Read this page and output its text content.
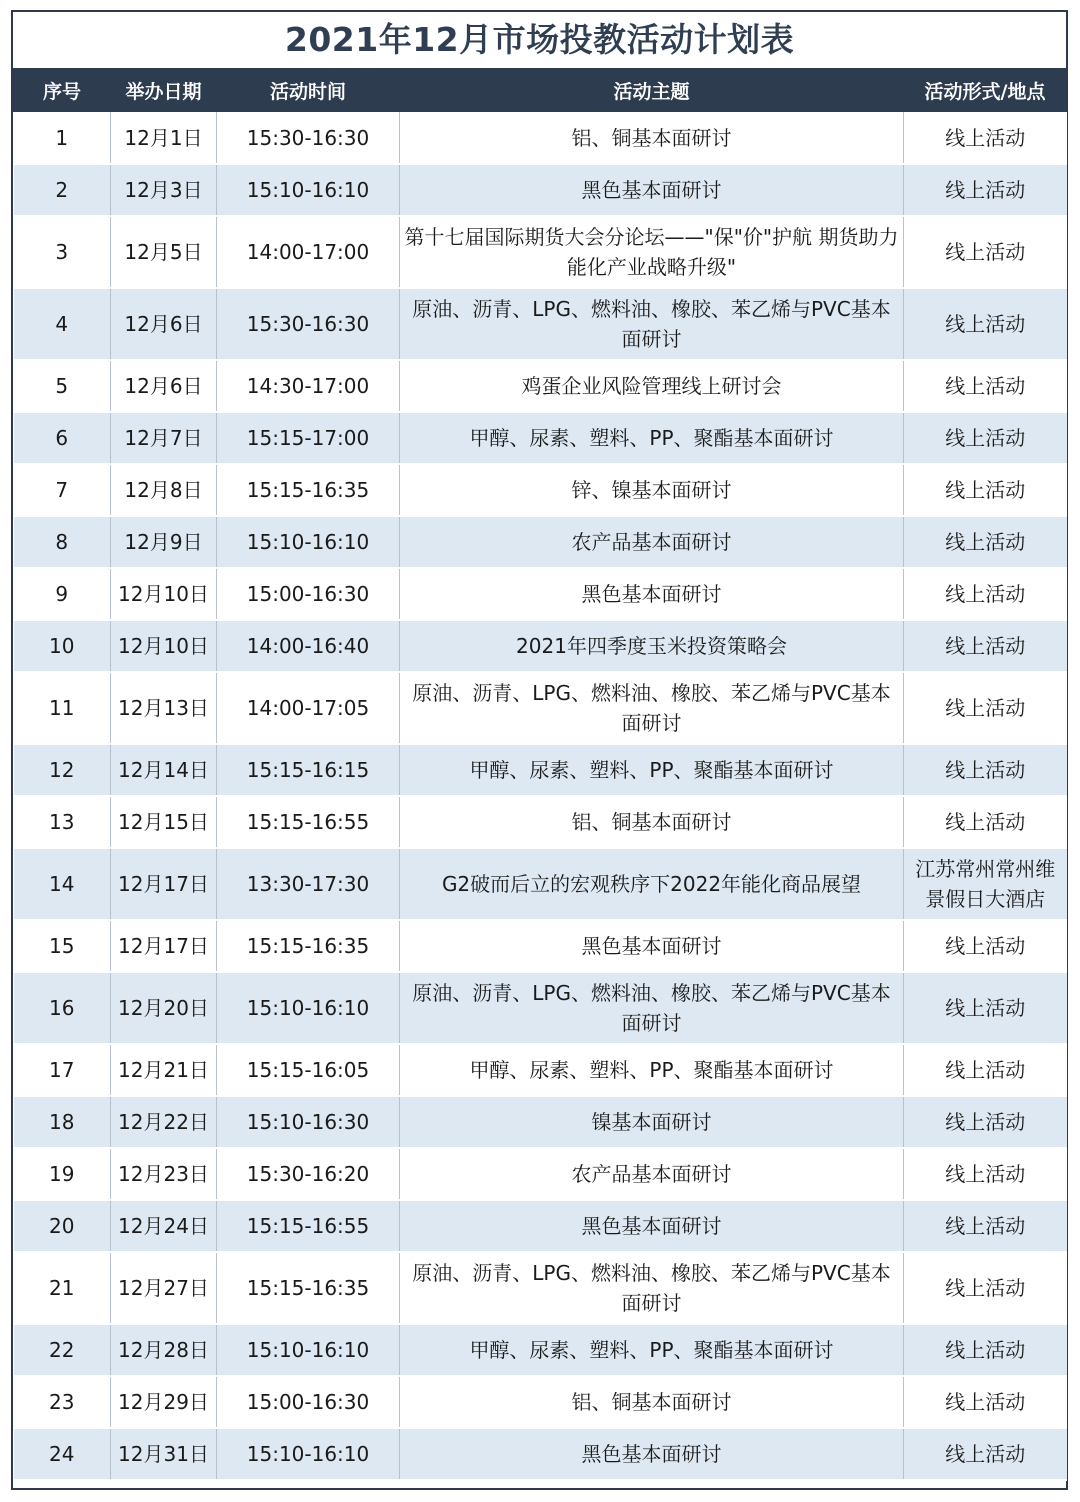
2021年12月市场投教活动计划表
序号	举办日期	活动时间	活动主题	活动形式/地点
1	12月1日	15:30-16:30	铝、铜基本面研讨	线上活动
2	12月3日	15:10-16:10	黑色基本面研讨	线上活动
3	12月5日	14:00-17:00	第十七届国际期货大会分论坛——"保"价"护航 期货助力能化产业战略升级"	线上活动
4	12月6日	15:30-16:30	原油、沥青、LPG、燃料油、橡胶、苯乙烯与PVC基本面研讨	线上活动
5	12月6日	14:30-17:00	鸡蛋企业风险管理线上研讨会	线上活动
6	12月7日	15:15-17:00	甲醇、尿素、塑料、PP、聚酯基本面研讨	线上活动
7	12月8日	15:15-16:35	锌、镍基本面研讨	线上活动
8	12月9日	15:10-16:10	农产品基本面研讨	线上活动
9	12月10日	15:00-16:30	黑色基本面研讨	线上活动
10	12月10日	14:00-16:40	2021年四季度玉米投资策略会	线上活动
11	12月13日	14:00-17:05	原油、沥青、LPG、燃料油、橡胶、苯乙烯与PVC基本面研讨	线上活动
12	12月14日	15:15-16:15	甲醇、尿素、塑料、PP、聚酯基本面研讨	线上活动
13	12月15日	15:15-16:55	铝、铜基本面研讨	线上活动
14	12月17日	13:30-17:30	G2破而后立的宏观秩序下2022年能化商品展望	江苏常州常州维景假日大酒店
15	12月17日	15:15-16:35	黑色基本面研讨	线上活动
16	12月20日	15:10-16:10	原油、沥青、LPG、燃料油、橡胶、苯乙烯与PVC基本面研讨	线上活动
17	12月21日	15:15-16:05	甲醇、尿素、塑料、PP、聚酯基本面研讨	线上活动
18	12月22日	15:10-16:30	镍基本面研讨	线上活动
19	12月23日	15:30-16:20	农产品基本面研讨	线上活动
20	12月24日	15:15-16:55	黑色基本面研讨	线上活动
21	12月27日	15:15-16:35	原油、沥青、LPG、燃料油、橡胶、苯乙烯与PVC基本面研讨	线上活动
22	12月28日	15:10-16:10	甲醇、尿素、塑料、PP、聚酯基本面研讨	线上活动
23	12月29日	15:00-16:30	铝、铜基本面研讨	线上活动
24	12月31日	15:10-16:10	黑色基本面研讨	线上活动
